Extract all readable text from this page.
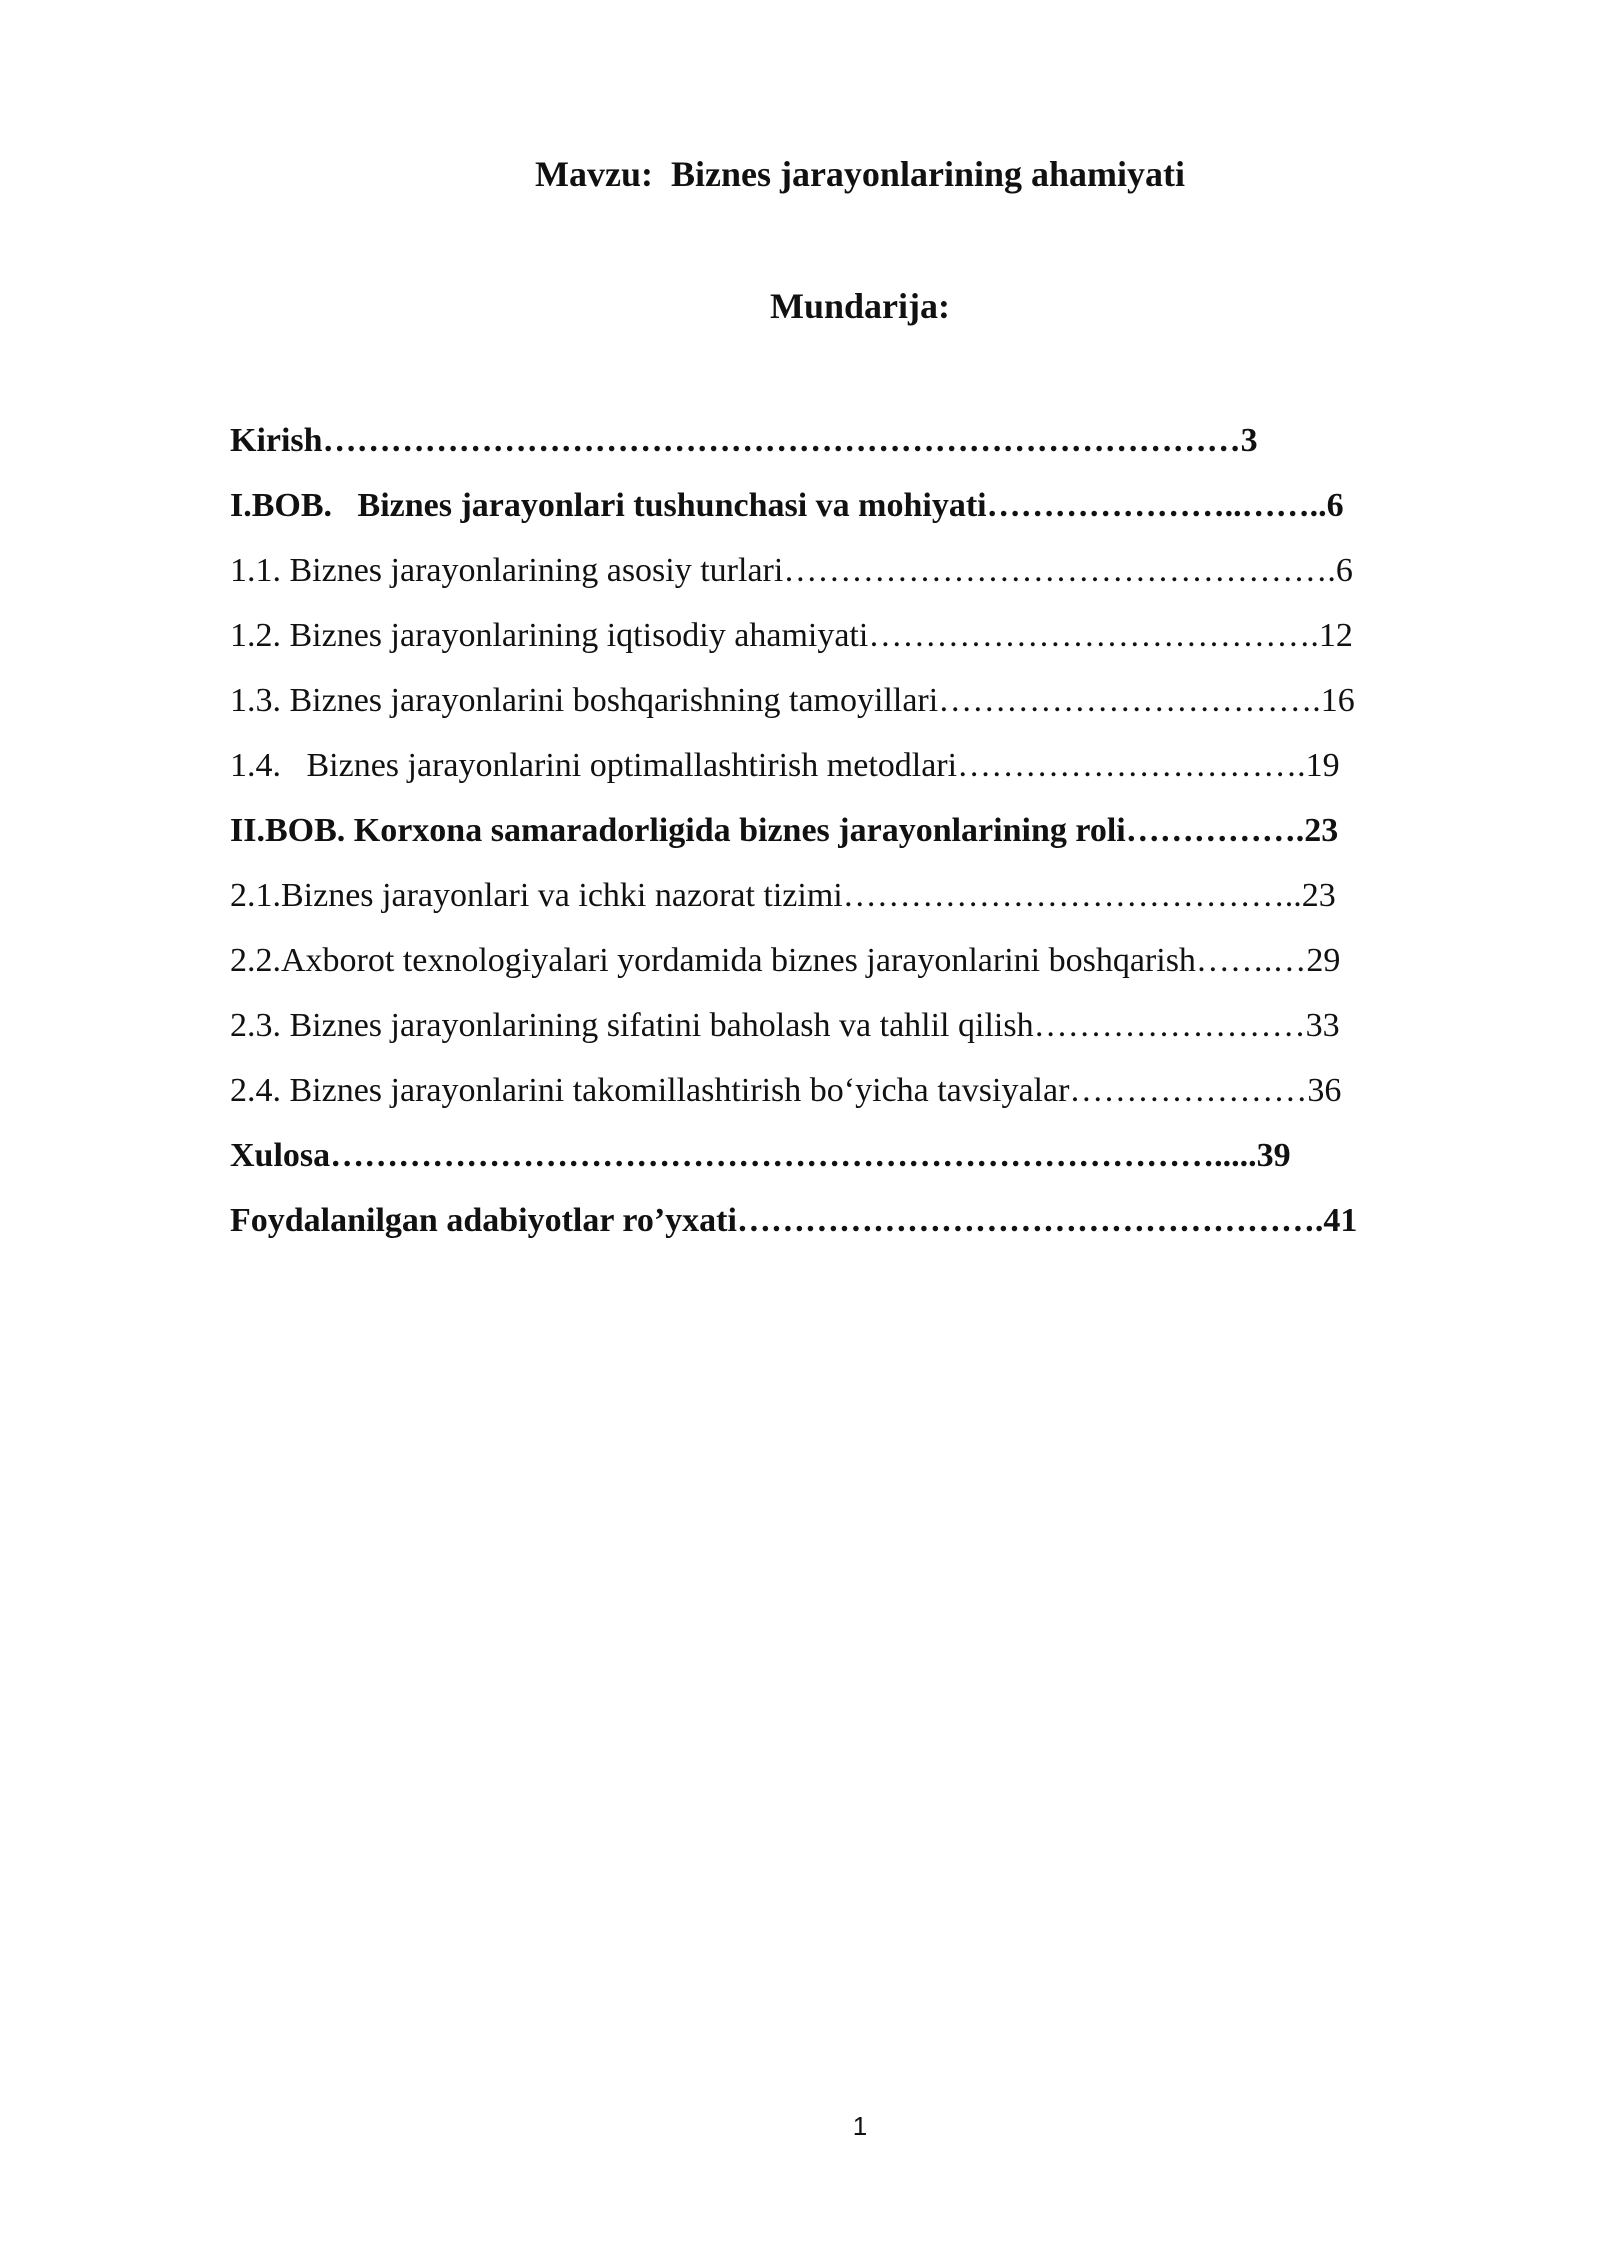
Mavzu:  Biznes jarayonlarining ahamiyati
Mundarija:
Kirish………………………………………………………………………3
I.BOB.   Biznes jarayonlari tushunchasi va mohiyati…………………..……..6
1.1. Biznes jarayonlarining asosiy turlari………………………………………….6
1.2. Biznes jarayonlarining iqtisodiy ahamiyati………………………………….12
1.3. Biznes jarayonlarini boshqarishning tamoyillari…………………………….16
1.4.   Biznes jarayonlarini optimallashtirish metodlari………………………….19
II.BOB. Korxona samaradorligida biznes jarayonlarining roli…………….23
2.1.Biznes jarayonlari va ichki nazorat tizimi…………………………………..23
2.2.Axborot texnologiyalari yordamida biznes jarayonlarini boshqarish…….…29
2.3. Biznes jarayonlarining sifatini baholash va tahlil qilish……………………33
2.4. Biznes jarayonlarini takomillashtirish bo‘yicha tavsiyalar…………………36
Xulosa…………………………………………………………………….....39
Foydalanilgan adabiyotlar ro’yxati…………………………………………….41
1
